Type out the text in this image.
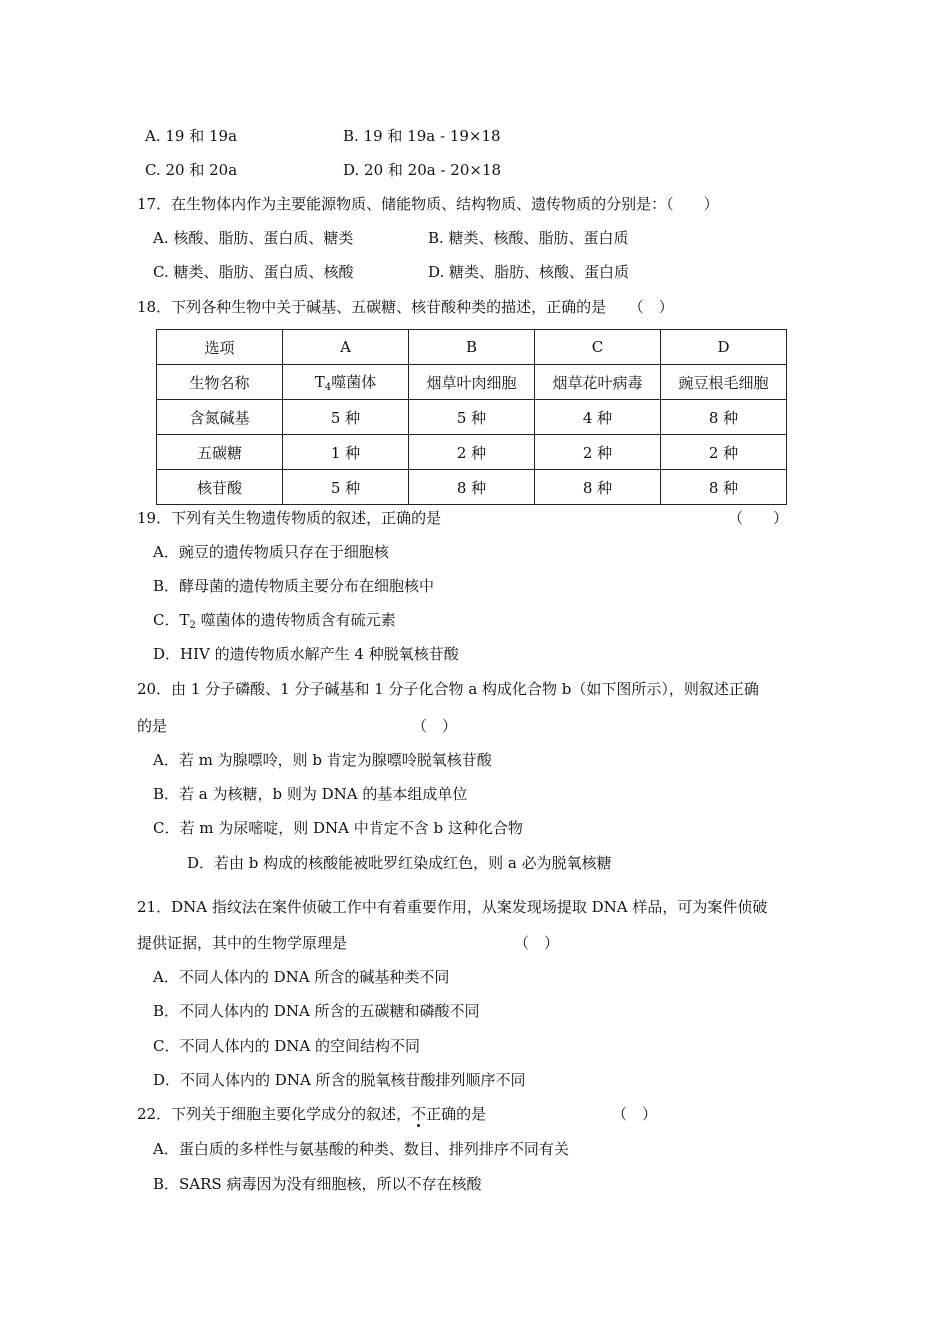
A. 19 和 19a	B. 19 和 19a - 19×18
C. 20 和 20a	D. 20 和 20a - 20×18
17．在生物体内作为主要能源物质、储能物质、结构物质、遗传物质的分别是：（　　）
A. 核酸、脂肪、蛋白质、糖类	B. 糖类、核酸、脂肪、蛋白质
C. 糖类、脂肪、蛋白质、核酸	D. 糖类、脂肪、核酸、蛋白质
18．下列各种生物中关于碱基、五碳糖、核苷酸种类的描述，正确的是　　（　）
选项	A	B	C	D
生物名称	$T_4$噬菌体	烟草叶肉细胞	烟草花叶病毒	豌豆根毛细胞
含氮碱基	5 种	5 种	4 种	8 种
五碳糖	1 种	2 种	2 种	2 种
核苷酸	5 种	8 种	8 种	8 种
19．下列有关生物遗传物质的叙述，正确的是	（　　）
A．豌豆的遗传物质只存在于细胞核
B．酵母菌的遗传物质主要分布在细胞核中
C．$T_2$ 噬菌体的遗传物质含有硫元素
D．HIV 的遗传物质水解产生 4 种脱氧核苷酸
20．由 1 分子磷酸、1 分子碱基和 1 分子化合物 a 构成化合物 b（如下图所示），则叙述正确
的是	（　）
A．若 m 为腺嘌呤，则 b 肯定为腺嘌呤脱氧核苷酸
B．若 a 为核糖，b 则为 DNA 的基本组成单位
C．若 m 为尿嘧啶，则 DNA 中肯定不含 b 这种化合物
D．若由 b 构成的核酸能被吡罗红染成红色，则 a 必为脱氧核糖
21．DNA 指纹法在案件侦破工作中有着重要作用，从案发现场提取 DNA 样品，可为案件侦破
提供证据，其中的生物学原理是	（　）
A．不同人体内的 DNA 所含的碱基种类不同
B．不同人体内的 DNA 所含的五碳糖和磷酸不同
C．不同人体内的 DNA 的空间结构不同
D．不同人体内的 DNA 所含的脱氧核苷酸排列顺序不同
22．下列关于细胞主要化学成分的叙述，不正确的是	（　）
A．蛋白质的多样性与氨基酸的种类、数目、排列排序不同有关
B．SARS 病毒因为没有细胞核，所以不存在核酸
